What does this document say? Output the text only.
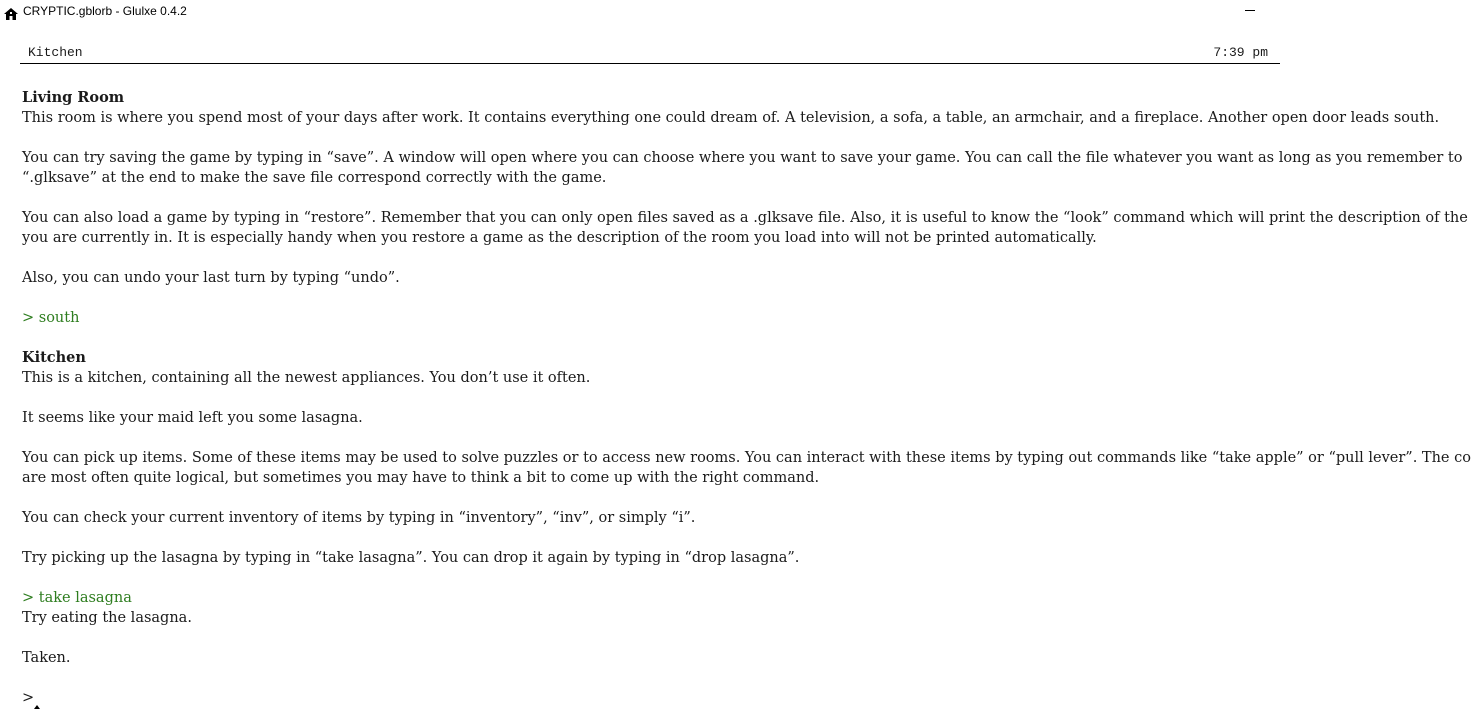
CRYPTIC.gblorb - Glulxe 0.4.2
Kitchen	7:39 pm
Living Room
This room is where you spend most of your days after work. It contains everything one could dream of. A television, a sofa, a table, an armchair, and a fireplace. Another open door leads south.
You can try saving the game by typing in “save”. A window will open where you can choose where you want to save your game. You can call the file whatever you want as long as you remember to
“.glksave” at the end to make the save file correspond correctly with the game.
You can also load a game by typing in “restore”. Remember that you can only open files saved as a .glksave file. Also, it is useful to know the “look” command which will print the description of the
you are currently in. It is especially handy when you restore a game as the description of the room you load into will not be printed automatically.
Also, you can undo your last turn by typing “undo”.
> south
Kitchen
This is a kitchen, containing all the newest appliances. You don’t use it often.
It seems like your maid left you some lasagna.
You can pick up items. Some of these items may be used to solve puzzles or to access new rooms. You can interact with these items by typing out commands like “take apple” or “pull lever”. The co
are most often quite logical, but sometimes you may have to think a bit to come up with the right command.
You can check your current inventory of items by typing in “inventory”, “inv”, or simply “i”.
Try picking up the lasagna by typing in “take lasagna”. You can drop it again by typing in “drop lasagna”.
> take lasagna
Try eating the lasagna.
Taken.
>
